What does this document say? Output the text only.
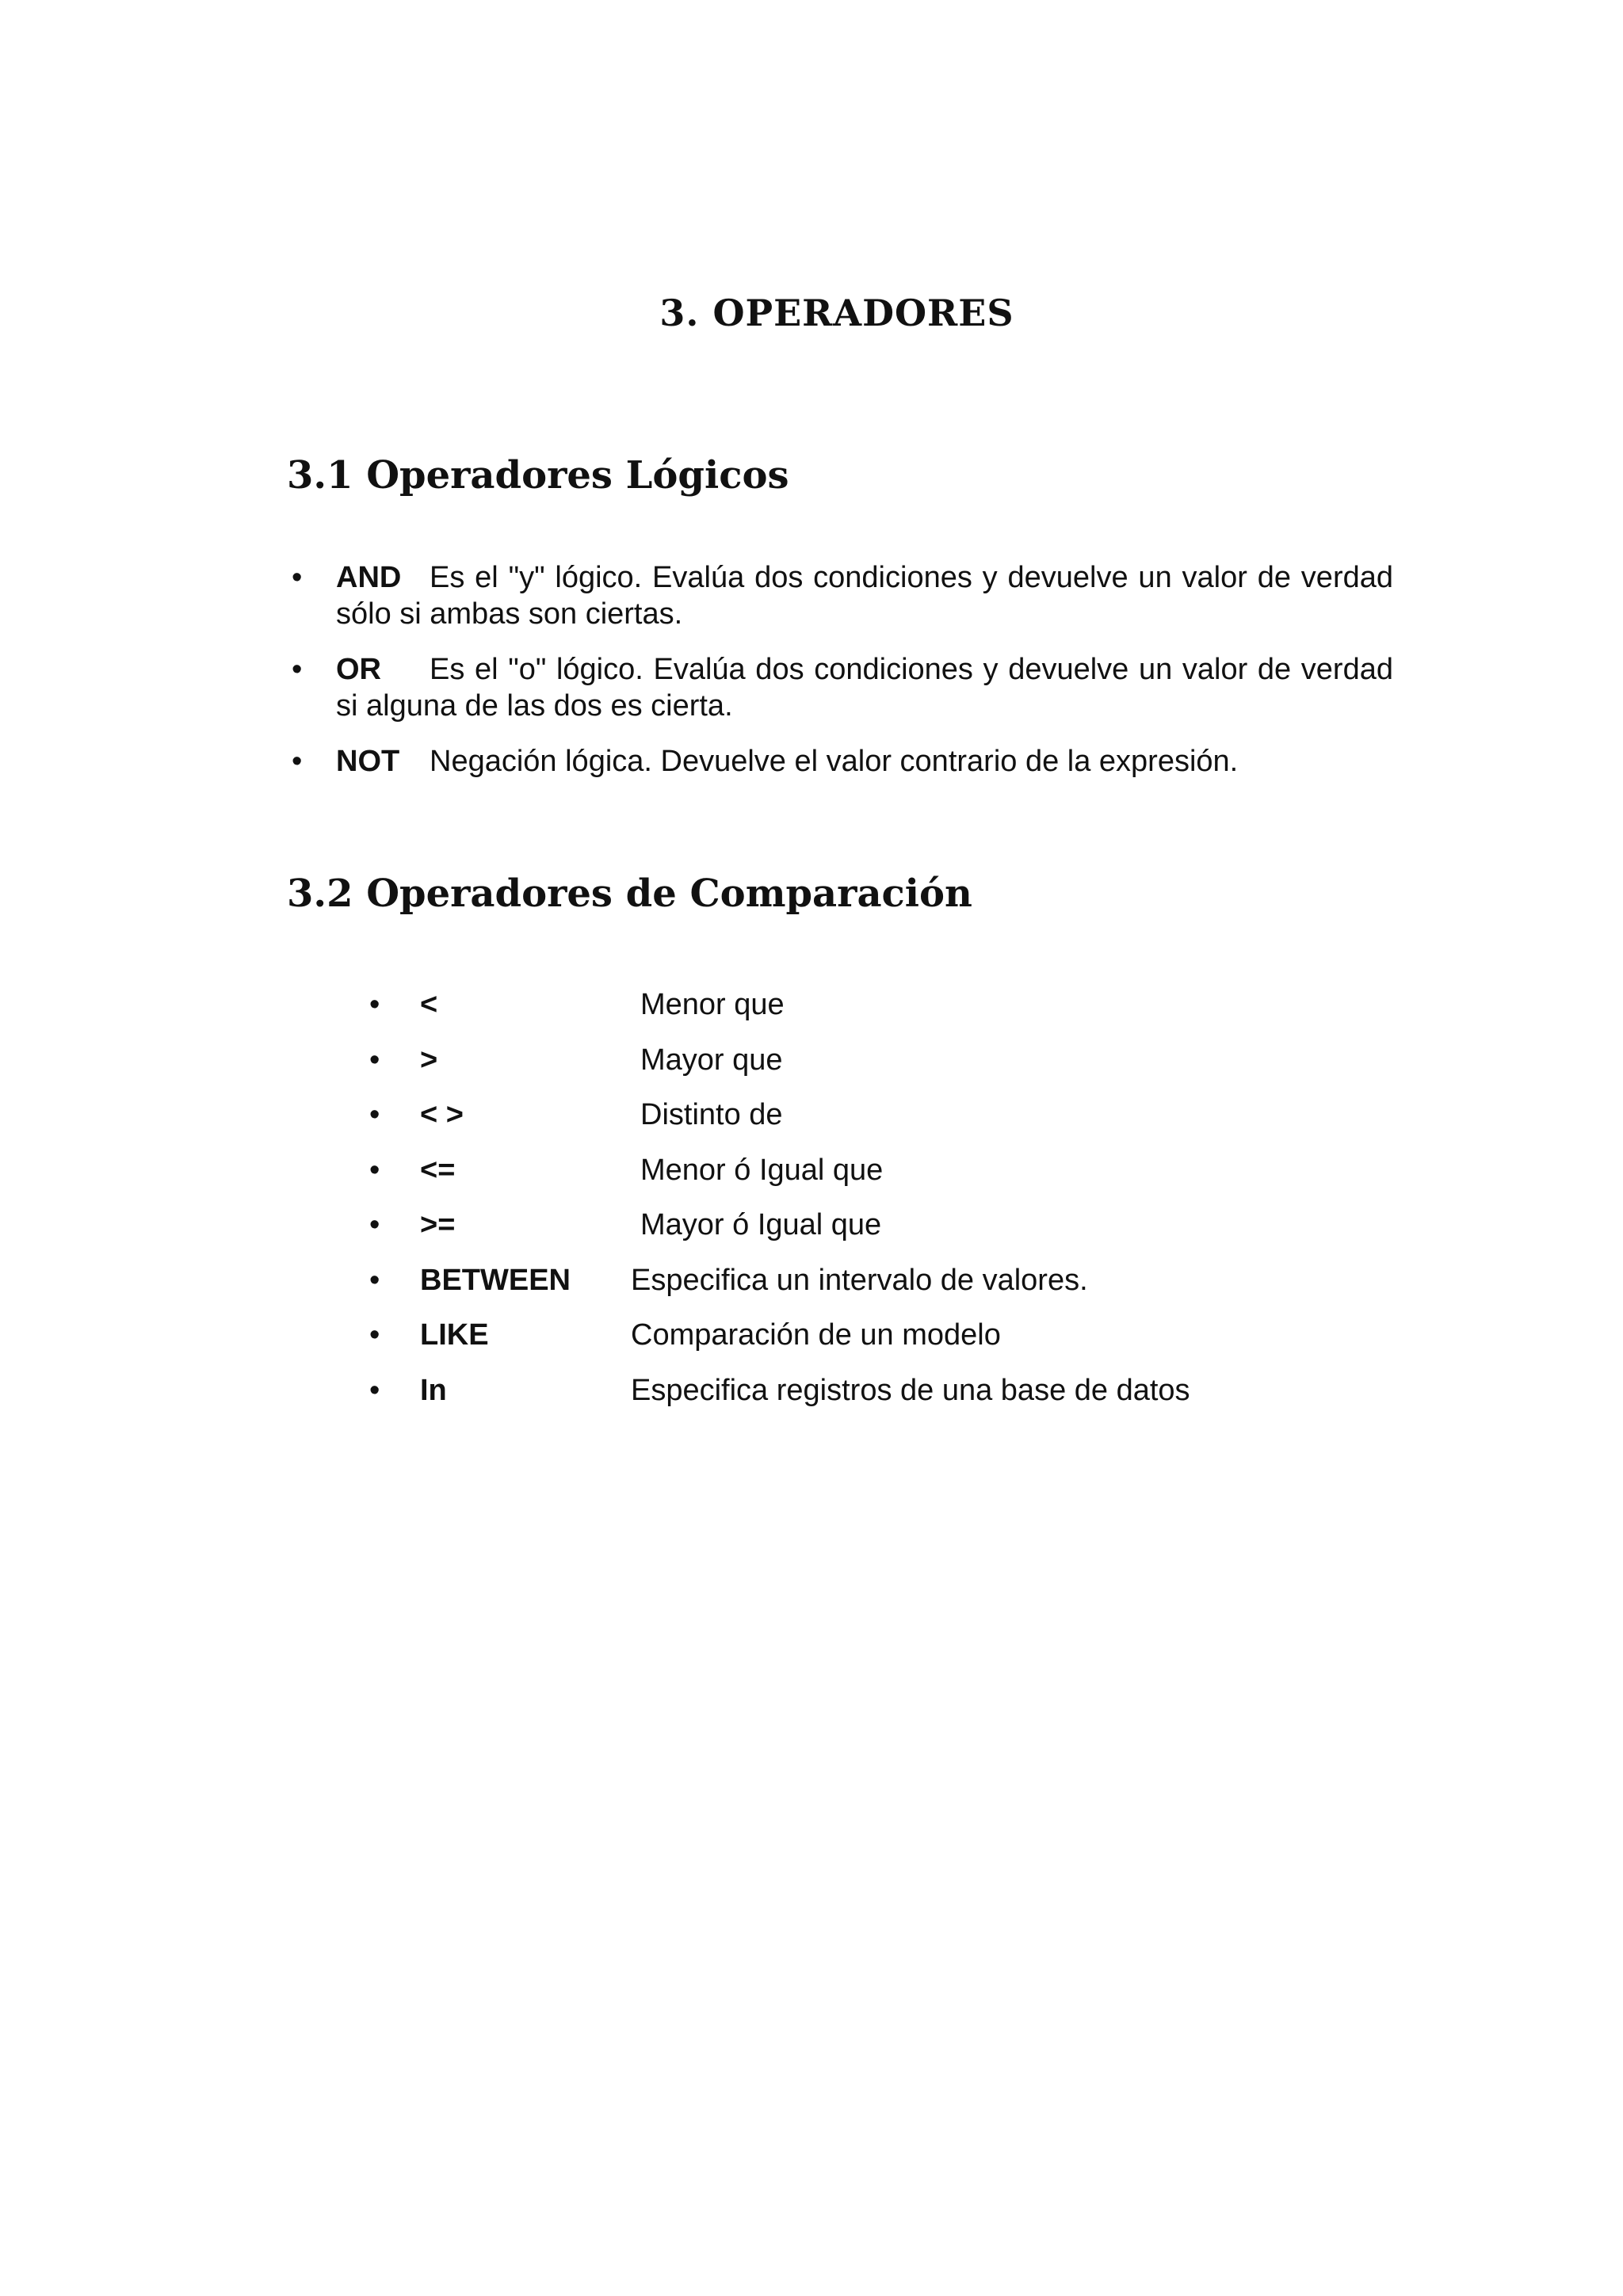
3. OPERADORES
3.1 Operadores Lógicos
• AND Es el "y" lógico. Evalúa dos condiciones y devuelve un valor de verdad sólo si ambas son ciertas.
• OR Es el "o" lógico. Evalúa dos condiciones y devuelve un valor de verdad si alguna de las dos es cierta.
• NOT Negación lógica. Devuelve el valor contrario de la expresión.
3.2 Operadores de Comparación
• <	Menor que
• >	Mayor que
• < >	Distinto de
• <=	Menor ó Igual que
• >=	Mayor ó Igual que
• BETWEEN Especifica un intervalo de valores.
• LIKE	Comparación de un modelo
• In	Especifica registros de una base de datos
